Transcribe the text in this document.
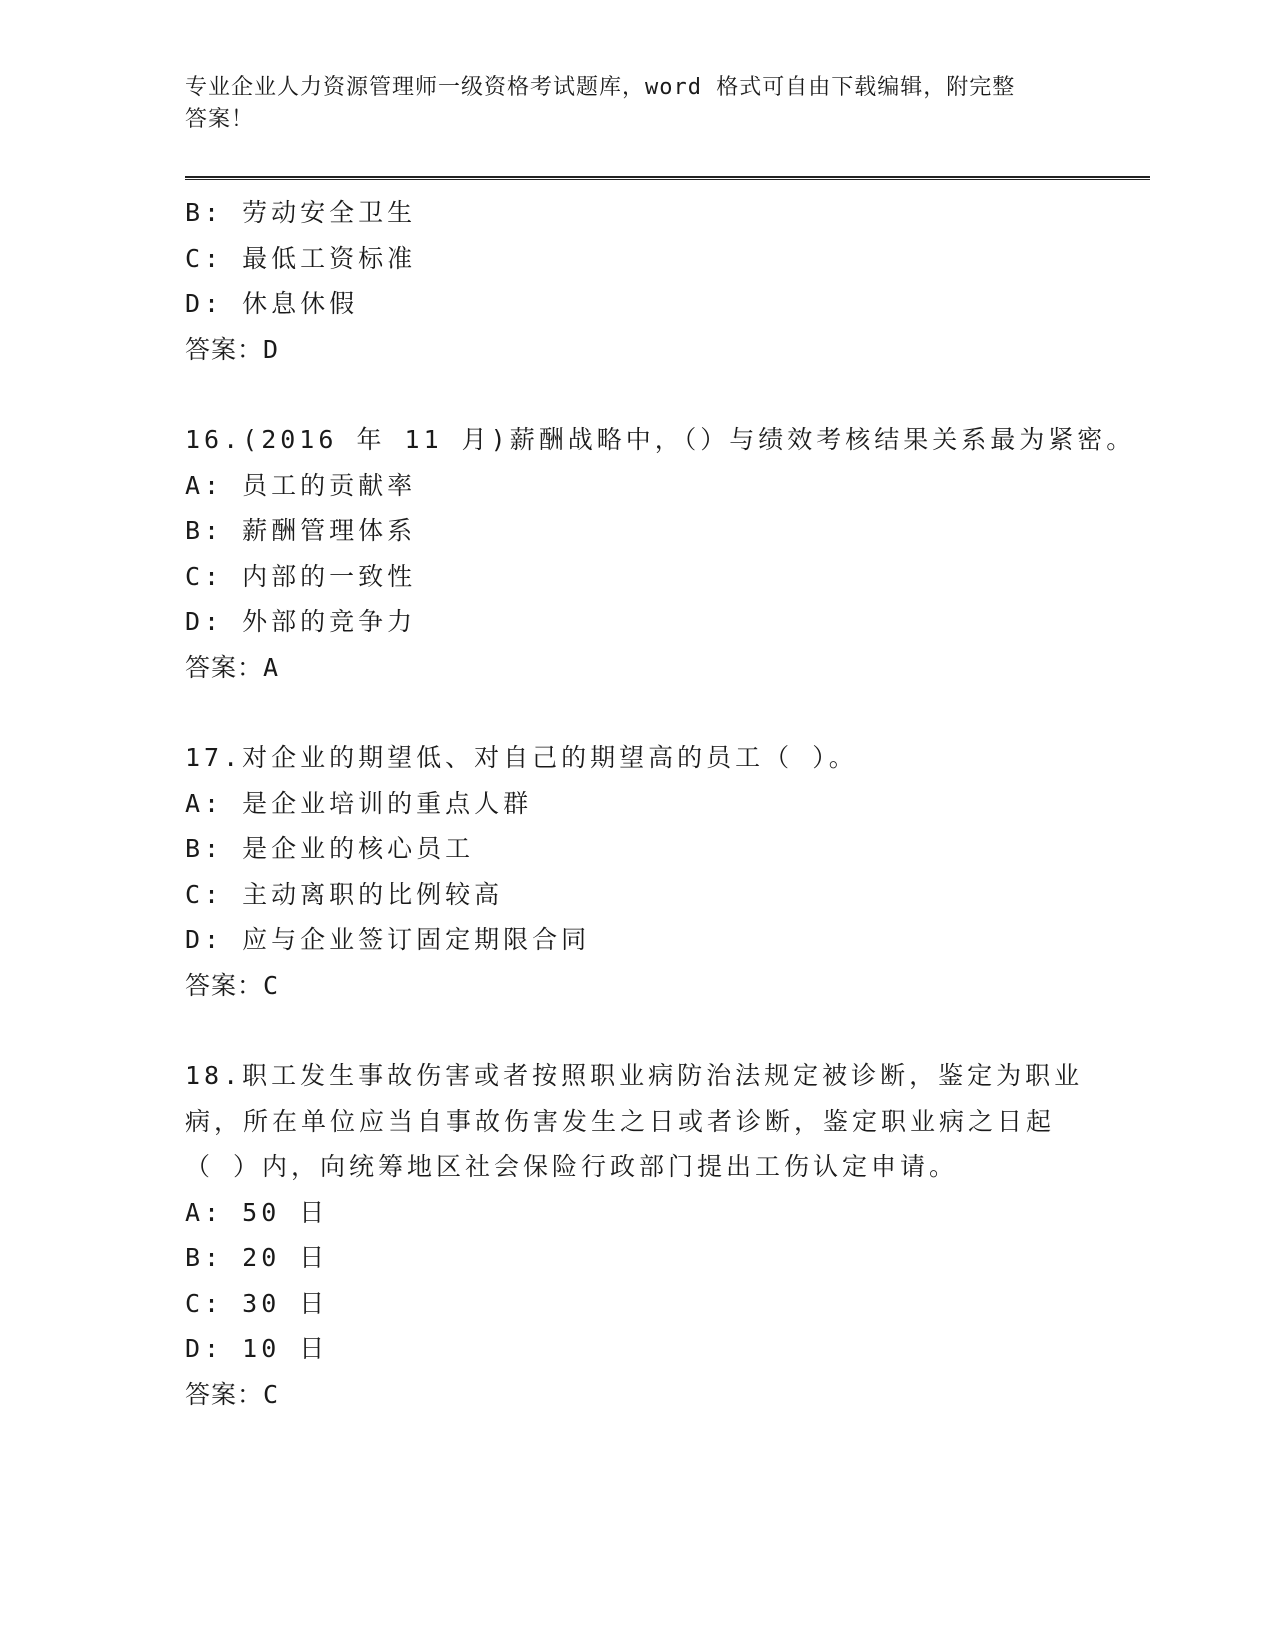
专业企业人力资源管理师一级资格考试题库，word 格式可自由下载编辑，附完整
答案！
B: 劳动安全卫生
C: 最低工资标准
D: 休息休假
答案：D
16.(2016 年 11 月)薪酬战略中，（）与绩效考核结果关系最为紧密。
A: 员工的贡献率
B: 薪酬管理体系
C: 内部的一致性
D: 外部的竞争力
答案：A
17.对企业的期望低、对自己的期望高的员工（ ）。
A: 是企业培训的重点人群
B: 是企业的核心员工
C: 主动离职的比例较高
D: 应与企业签订固定期限合同
答案：C
18.职工发生事故伤害或者按照职业病防治法规定被诊断，鉴定为职业
病，所在单位应当自事故伤害发生之日或者诊断，鉴定职业病之日起
（ ）内，向统筹地区社会保险行政部门提出工伤认定申请。
A: 50 日
B: 20 日
C: 30 日
D: 10 日
答案：C
